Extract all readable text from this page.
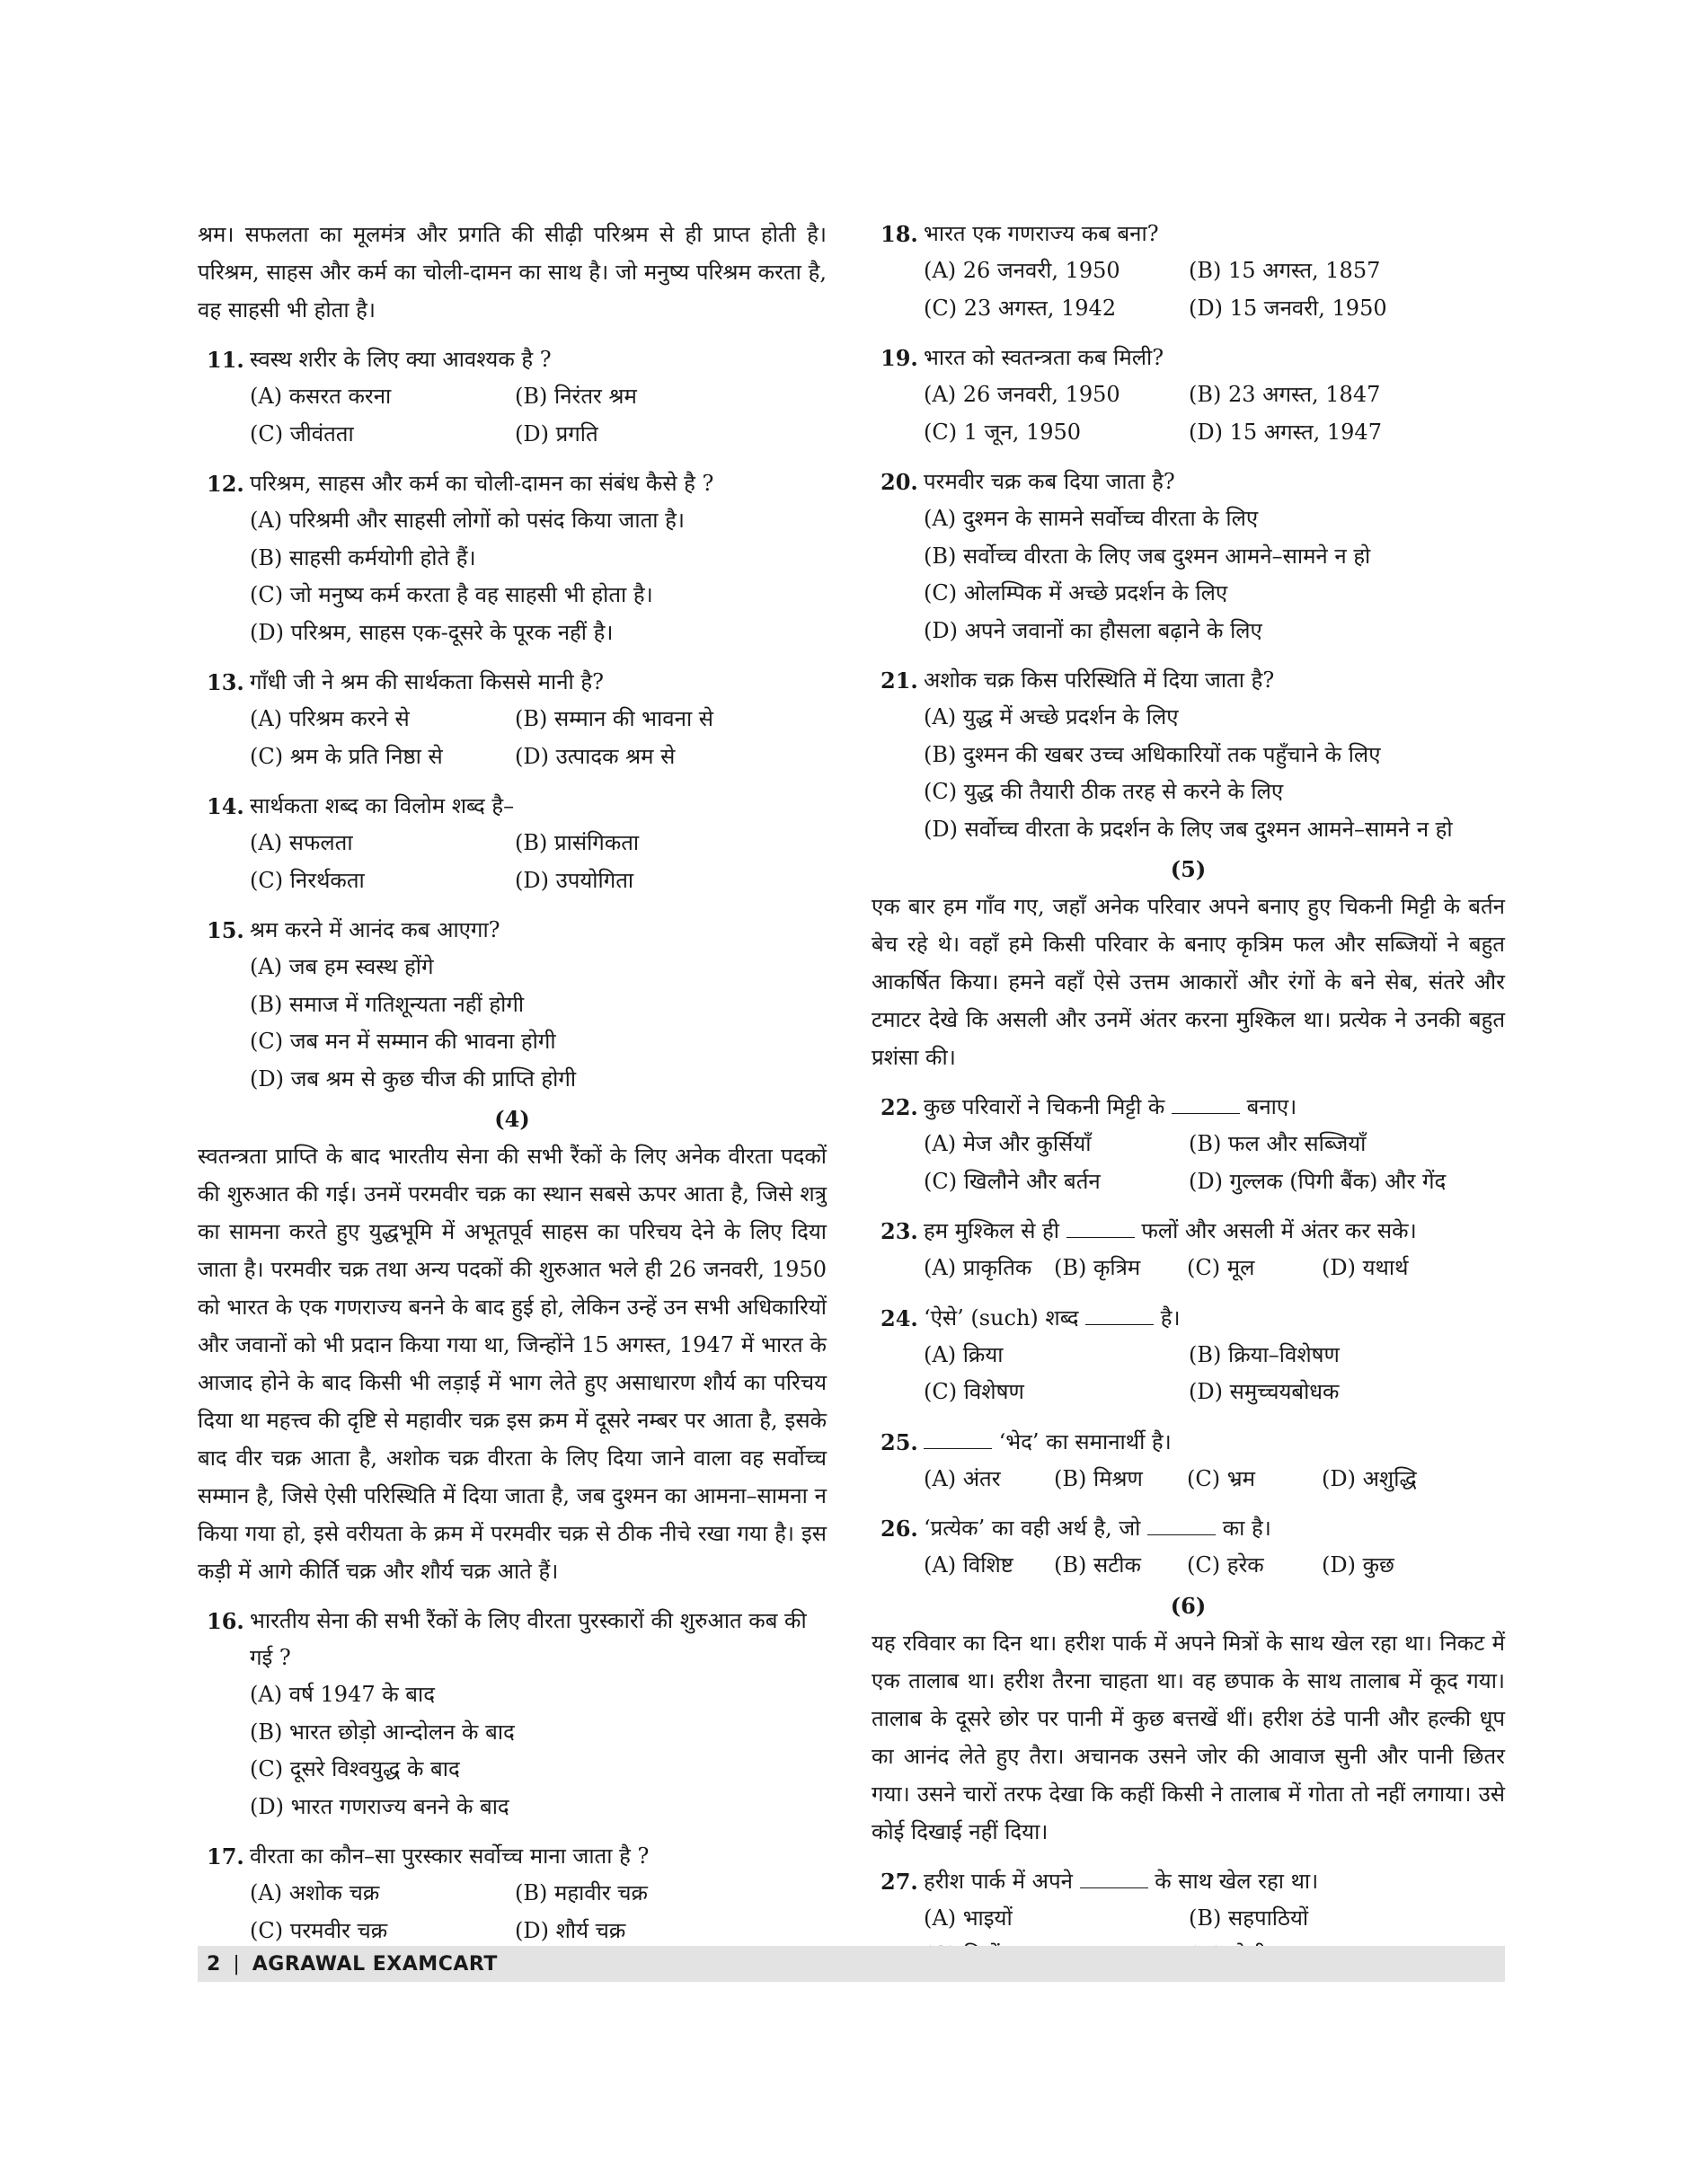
श्रम। सफलता का मूलमंत्र और प्रगति की सीढ़ी परिश्रम से ही प्राप्त होती है। परिश्रम, साहस और कर्म का चोली-दामन का साथ है। जो मनुष्य परिश्रम करता है, वह साहसी भी होता है।

11. स्वस्थ शरीर के लिए क्या आवश्यक है ?
(A) कसरत करना	(B) निरंतर श्रम
(C) जीवंतता	(D) प्रगति
12. परिश्रम, साहस और कर्म का चोली-दामन का संबंध कैसे है ?
(A) परिश्रमी और साहसी लोगों को पसंद किया जाता है।
(B) साहसी कर्मयोगी होते हैं।
(C) जो मनुष्य कर्म करता है वह साहसी भी होता है।
(D) परिश्रम, साहस एक-दूसरे के पूरक नहीं है।
13. गाँधी जी ने श्रम की सार्थकता किससे मानी है?
(A) परिश्रम करने से	(B) सम्मान की भावना से
(C) श्रम के प्रति निष्ठा से	(D) उत्पादक श्रम से
14. सार्थकता शब्द का विलोम शब्द है–
(A) सफलता	(B) प्रासंगिकता
(C) निरर्थकता	(D) उपयोगिता
15. श्रम करने में आनंद कब आएगा?
(A) जब हम स्वस्थ होंगे
(B) समाज में गतिशून्यता नहीं होगी
(C) जब मन में सम्मान की भावना होगी
(D) जब श्रम से कुछ चीज की प्राप्ति होगी
(4)

स्वतन्त्रता प्राप्ति के बाद भारतीय सेना की सभी रैंकों के लिए अनेक वीरता पदकों की शुरुआत की गई। उनमें परमवीर चक्र का स्थान सबसे ऊपर आता है, जिसे शत्रु का सामना करते हुए युद्धभूमि में अभूतपूर्व साहस का परिचय देने के लिए दिया जाता है। परमवीर चक्र तथा अन्य पदकों की शुरुआत भले ही 26 जनवरी, 1950 को भारत के एक गणराज्य बनने के बाद हुई हो, लेकिन उन्हें उन सभी अधिकारियों और जवानों को भी प्रदान किया गया था, जिन्होंने 15 अगस्त, 1947 में भारत के आजाद होने के बाद किसी भी लड़ाई में भाग लेते हुए असाधारण शौर्य का परिचय दिया था महत्त्व की दृष्टि से महावीर चक्र इस क्रम में दूसरे नम्बर पर आता है, इसके बाद वीर चक्र आता है, अशोक चक्र वीरता के लिए दिया जाने वाला वह सर्वोच्च सम्मान है, जिसे ऐसी परिस्थिति में दिया जाता है, जब दुश्मन का आमना–सामना न किया गया हो, इसे वरीयता के क्रम में परमवीर चक्र से ठीक नीचे रखा गया है। इस कड़ी में आगे कीर्ति चक्र और शौर्य चक्र आते हैं।

16. भारतीय सेना की सभी रैंकों के लिए वीरता पुरस्कारों की शुरुआत कब की गई ?
(A) वर्ष 1947 के बाद
(B) भारत छोड़ो आन्दोलन के बाद
(C) दूसरे विश्वयुद्ध के बाद
(D) भारत गणराज्य बनने के बाद
17. वीरता का कौन–सा पुरस्कार सर्वोच्च माना जाता है ?
(A) अशोक चक्र	(B) महावीर चक्र
(C) परमवीर चक्र	(D) शौर्य चक्र
18. भारत एक गणराज्य कब बना?
(A) 26 जनवरी, 1950	(B) 15 अगस्त, 1857
(C) 23 अगस्त, 1942	(D) 15 जनवरी, 1950
19. भारत को स्वतन्त्रता कब मिली?
(A) 26 जनवरी, 1950	(B) 23 अगस्त, 1847
(C) 1 जून, 1950	(D) 15 अगस्त, 1947
20. परमवीर चक्र कब दिया जाता है?
(A) दुश्मन के सामने सर्वोच्च वीरता के लिए
(B) सर्वोच्च वीरता के लिए जब दुश्मन आमने–सामने न हो
(C) ओलम्पिक में अच्छे प्रदर्शन के लिए
(D) अपने जवानों का हौसला बढ़ाने के लिए
21. अशोक चक्र किस परिस्थिति में दिया जाता है?
(A) युद्ध में अच्छे प्रदर्शन के लिए
(B) दुश्मन की खबर उच्च अधिकारियों तक पहुँचाने के लिए
(C) युद्ध की तैयारी ठीक तरह से करने के लिए
(D) सर्वोच्च वीरता के प्रदर्शन के लिए जब दुश्मन आमने–सामने न हो
(5)

एक बार हम गाँव गए, जहाँ अनेक परिवार अपने बनाए हुए चिकनी मिट्टी के बर्तन बेच रहे थे। वहाँ हमे किसी परिवार के बनाए कृत्रिम फल और सब्जियों ने बहुत आकर्षित किया। हमने वहाँ ऐसे उत्तम आकारों और रंगों के बने सेब, संतरे और टमाटर देखे कि असली और उनमें अंतर करना मुश्किल था। प्रत्येक ने उनकी बहुत प्रशंसा की।

22. कुछ परिवारों ने चिकनी मिट्टी के	बनाए।
(A) मेज और कुर्सियाँ	(B) फल और सब्जियाँ
(C) खिलौने और बर्तन	(D) गुल्लक (पिगी बैंक) और गेंद
23. हम मुश्किल से ही	फलों और असली में अंतर कर सके।
(A) प्राकृतिक	(B) कृत्रिम	(C) मूल	(D) यथार्थ
24. ‘ऐसे’ (such) शब्द	है।
(A) क्रिया	(B) क्रिया–विशेषण
(C) विशेषण	(D) समुच्चयबोधक
25.	‘भेद’ का समानार्थी है।
(A) अंतर	(B) मिश्रण	(C) भ्रम	(D) अशुद्धि
26. ‘प्रत्येक’ का वही अर्थ है, जो	का है।
(A) विशिष्ट	(B) सटीक	(C) हरेक	(D) कुछ
(6)

यह रविवार का दिन था। हरीश पार्क में अपने मित्रों के साथ खेल रहा था। निकट में एक तालाब था। हरीश तैरना चाहता था। वह छपाक के साथ तालाब में कूद गया। तालाब के दूसरे छोर पर पानी में कुछ बत्तखें थीं। हरीश ठंडे पानी और हल्की धूप का आनंद लेते हुए तैरा। अचानक उसने जोर की आवाज सुनी और पानी छितर गया। उसने चारों तरफ देखा कि कहीं किसी ने तालाब में गोता तो नहीं लगाया। उसे कोई दिखाई नहीं दिया।

27. हरीश पार्क में अपने	के साथ खेल रहा था।
(A) भाइयों	(B) सहपाठियों
2 | AGRAWAL EXAMCART
